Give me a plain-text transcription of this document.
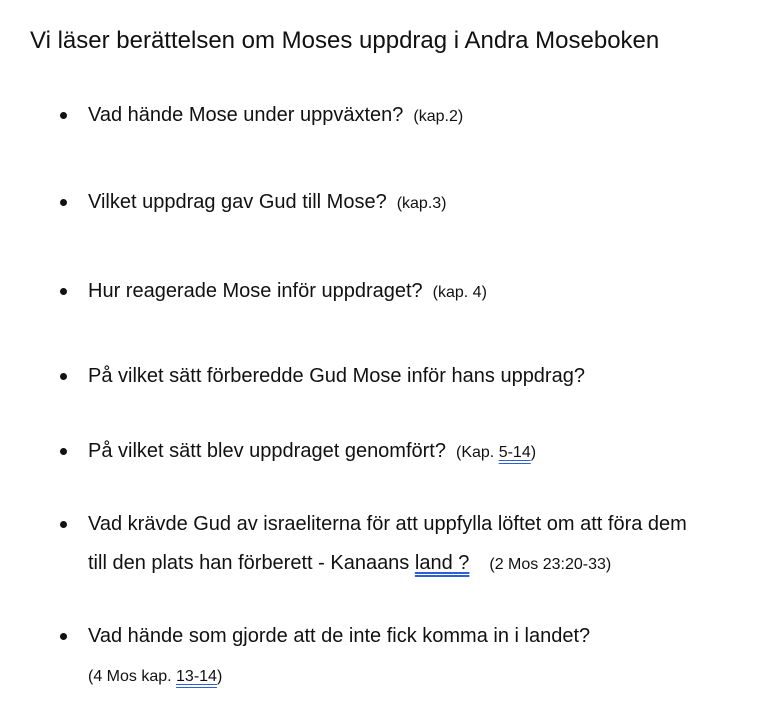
Vi läser berättelsen om Moses uppdrag i Andra Moseboken
Vad hände Mose under uppväxten? (kap.2)
Vilket uppdrag gav Gud till Mose? (kap.3)
Hur reagerade Mose inför uppdraget? (kap. 4)
På vilket sätt förberedde Gud Mose inför hans uppdrag?
På vilket sätt blev uppdraget genomfört? (Kap. 5-14)
Vad krävde Gud av israeliterna för att uppfylla löftet om att föra dem
till den plats han förberett - Kanaans land ? (2 Mos 23:20-33)
Vad hände som gjorde att de inte fick komma in i landet?
(4 Mos kap. 13-14)
